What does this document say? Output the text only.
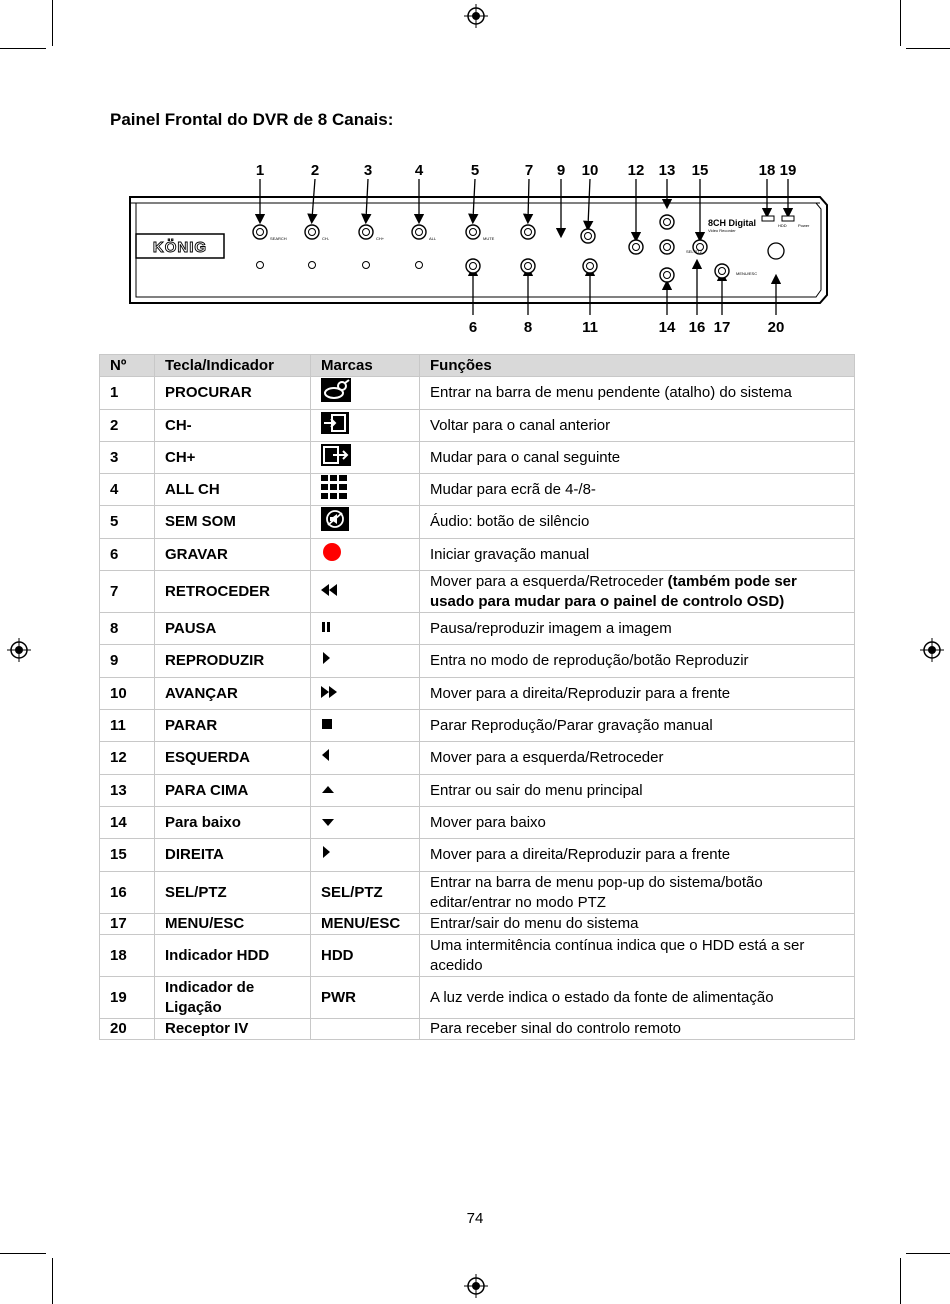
Painel Frontal do DVR de 8 Canais:
KÖNIG
8CH Digital
Video Recorder
1	2	3	4	5	7 9 10 12 13 15	18 19
6	8	11	14 16 17 20
SEARCH	CH-	CH+	ALL	MUTE
SEL PTZ
MENU/ESC
HDD	Power
Nº	Tecla/Indicador	Marcas	Funções
1	PROCURAR		Entrar na barra de menu pendente (atalho) do sistema
2	CH-		Voltar para o canal anterior
3	CH+		Mudar para o canal seguinte
4	ALL CH		Mudar para ecrã de 4-/8-
5	SEM SOM		Áudio: botão de silêncio
6	GRAVAR		Iniciar gravação manual
7	RETROCEDER		Mover para a esquerda/Retroceder (também pode ser usado para mudar para o painel de controlo OSD)
8	PAUSA		Pausa/reproduzir imagem a imagem
9	REPRODUZIR		Entra no modo de reprodução/botão Reproduzir
10	AVANÇAR		Mover para a direita/Reproduzir para a frente
11	PARAR		Parar Reprodução/Parar gravação manual
12	ESQUERDA		Mover para a esquerda/Retroceder
13	PARA CIMA		Entrar ou sair do menu principal
14	Para baixo		Mover para baixo
15	DIREITA		Mover para a direita/Reproduzir para a frente
16	SEL/PTZ	SEL/PTZ	Entrar na barra de menu pop-up do sistema/botão editar/entrar no modo PTZ
17	MENU/ESC	MENU/ESC	Entrar/sair do menu do sistema
18	Indicador HDD	HDD	Uma intermitência contínua indica que o HDD está a ser acedido
19	Indicador de Ligação	PWR	A luz verde indica o estado da fonte de alimentação
20	Receptor IV		Para receber sinal do controlo remoto
74
